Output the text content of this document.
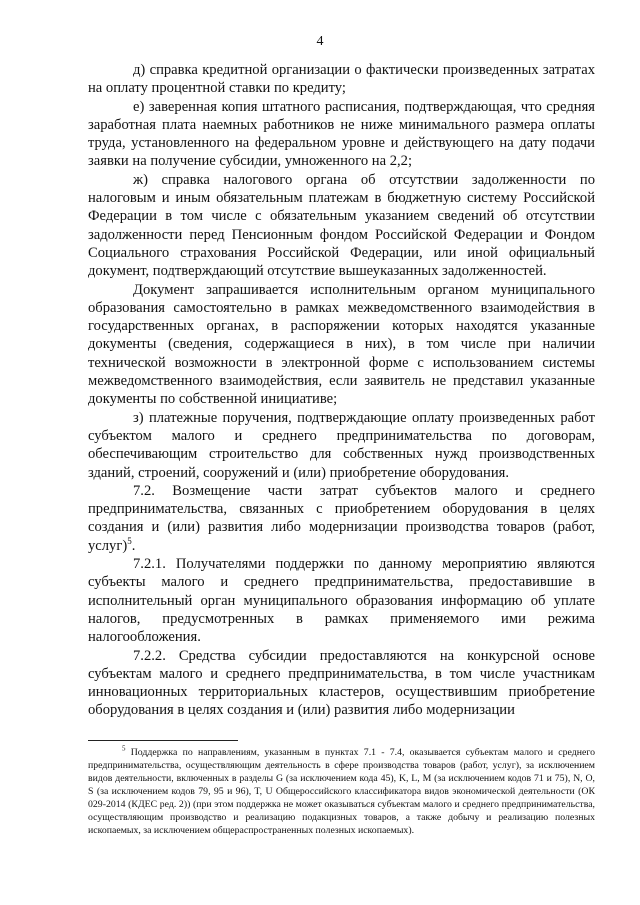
4

д) справка кредитной организации о фактически произведенных затратах на оплату процентной ставки по кредиту;

е) заверенная копия штатного расписания, подтверждающая, что средняя заработная плата наемных работников не ниже минимального размера оплаты труда, установленного на федеральном уровне и действующего на дату подачи заявки на получение субсидии, умноженного на 2,2;

ж) справка налогового органа об отсутствии задолженности по налоговым и иным обязательным платежам в бюджетную систему Российской Федерации в том числе с обязательным указанием сведений об отсутствии задолженности перед Пенсионным фондом Российской Федерации и Фондом Социального страхования Российской Федерации, или иной официальный документ, подтверждающий отсутствие вышеуказанных задолженностей.

Документ запрашивается исполнительным органом муниципального образования самостоятельно в рамках межведомственного взаимодействия в государственных органах, в распоряжении которых находятся указанные документы (сведения, содержащиеся в них), в том числе при наличии технической возможности в электронной форме с использованием системы межведомственного взаимодействия, если заявитель не представил указанные документы по собственной инициативе;

з) платежные поручения, подтверждающие оплату произведенных работ субъектом малого и среднего предпринимательства по договорам, обеспечивающим строительство для собственных нужд производственных зданий, строений, сооружений и (или) приобретение оборудования.

7.2. Возмещение части затрат субъектов малого и среднего предпринимательства, связанных с приобретением оборудования в целях создания и (или) развития либо модернизации производства товаров (работ, услуг)$^5$.

7.2.1. Получателями поддержки по данному мероприятию являются субъекты малого и среднего предпринимательства, предоставившие в исполнительный орган муниципального образования информацию об уплате налогов, предусмотренных в рамках применяемого ими режима налогообложения.

7.2.2. Средства субсидии предоставляются на конкурсной основе субъектам малого и среднего предпринимательства, в том числе участникам инновационных территориальных кластеров, осуществившим приобретение оборудования в целях создания и (или) развития либо модернизации

$^5$ Поддержка по направлениям, указанным в пунктах 7.1 - 7.4, оказывается субъектам малого и среднего предпринимательства, осуществляющим деятельность в сфере производства товаров (работ, услуг), за исключением видов деятельности, включенных в разделы G (за исключением кода 45), K, L, M (за исключением кодов 71 и 75), N, O, S (за исключением кодов 79, 95 и 96), T, U Общероссийского классификатора видов экономической деятельности (ОК 029-2014 (КДЕС ред. 2)) (при этом поддержка не может оказываться субъектам малого и среднего предпринимательства, осуществляющим производство и реализацию подакцизных товаров, а также добычу и реализацию полезных ископаемых, за исключением общераспространенных полезных ископаемых).
